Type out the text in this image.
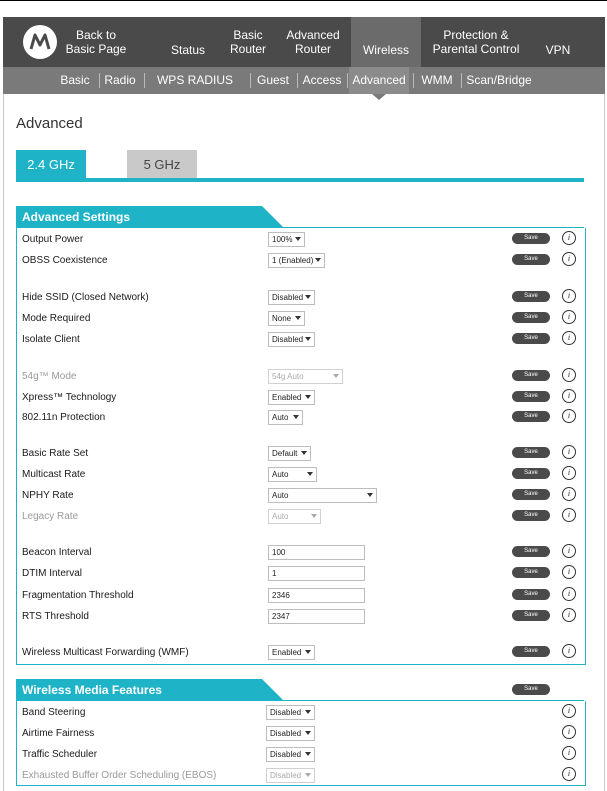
Back to
Basic Page	Status
Basic
Router
Advanced
Router	Wireless
Protection &
Parental Control VPN
Basic Radio	WPS RADIUS WEP
Guest Access Advanced	WMM	Scan/Bridge
Advanced
2.4 GHz	5 GHz
Advanced Settings
Output Power	100%	Save	i
OBSS Coexistence	1 (Enabled)	Save	i
Hide SSID (Closed Network)	Disabled	Save	i
Mode Required	None	Save	i
Isolate Client	Disabled	Save	i
54g™ Mode	54g Auto	Save	i
Xpress™ Technology	Enabled	Save	i
802.11n Protection	Auto	Save	i
Basic Rate Set	Default	Save	i
Multicast Rate	Auto	Save	i
NPHY Rate	Auto	Save	i
Legacy Rate	Auto	Save	i
Beacon Interval	100	Save	i
DTIM Interval	1	Save	i
Fragmentation Threshold	2346	Save	i
RTS Threshold	2347	Save	i
Wireless Multicast Forwarding (WMF)	Enabled	Save	i
Wireless Media Features	Save
Band Steering	Disabled	i
Airtime Fairness	Disabled	i
Traffic Scheduler	Disabled	i
Exhausted Buffer Order Scheduling (EBOS)	Disabled	i
